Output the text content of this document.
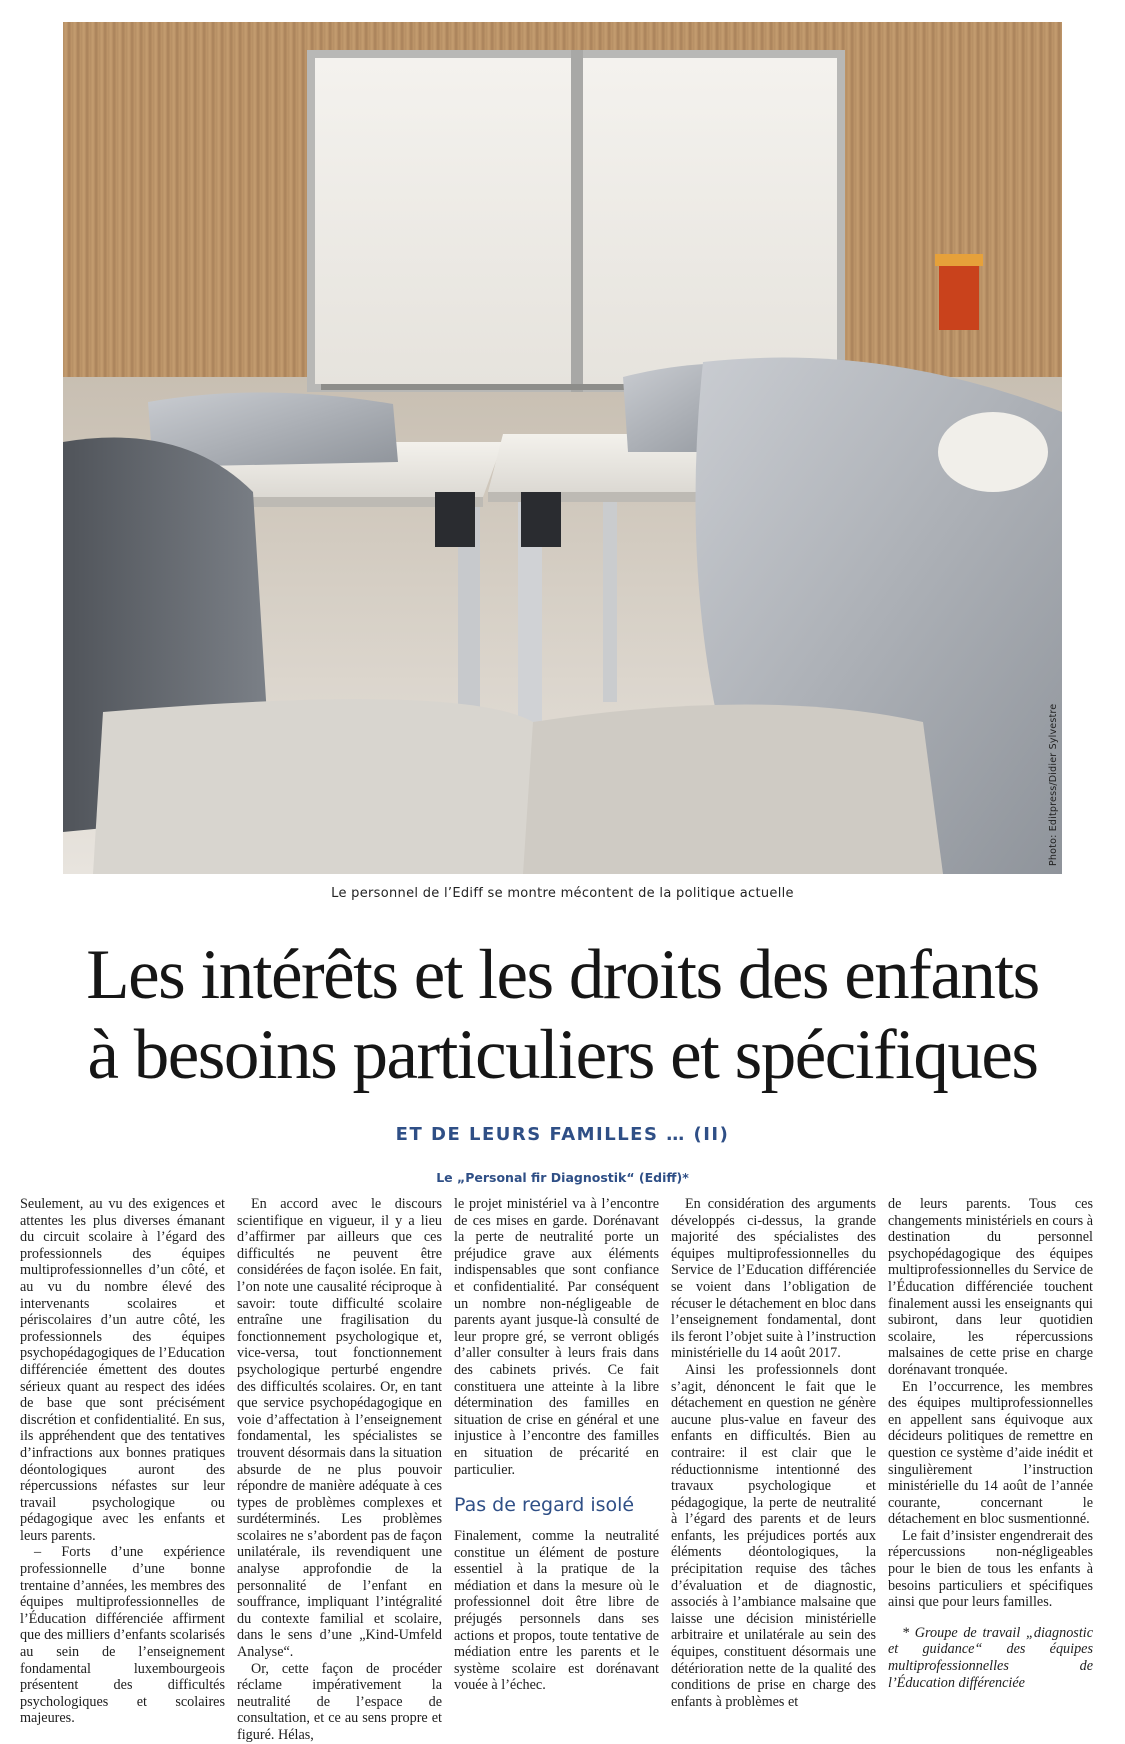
Photo: Editpress/Didier Sylvestre
Le personnel de l’Ediff se montre mécontent de la politique actuelle
Les intérêts et les droits des enfants
à besoins particuliers et spécifiques
ET DE LEURS FAMILLES … (II)
Le „Personal fir Diagnostik“ (Ediff)*

Seulement, au vu des exigences et attentes les plus diverses émanant du circuit scolaire à l’égard des professionnels des équipes multiprofessionnelles d’un côté, et au vu du nombre élevé des intervenants scolaires et périscolaires d’un autre côté, les professionnels des équipes psychopédagogiques de l’Education différenciée émettent des doutes sérieux quant au respect des idées de base que sont précisément discrétion et confidentialité. En sus, ils appréhendent que des tentatives d’infractions aux bonnes pratiques déontologiques auront des répercussions néfastes sur leur travail psychologique ou pédagogique avec les enfants et leurs parents.

– Forts d’une expérience professionnelle d’une bonne trentaine d’années, les membres des équipes multiprofessionnelles de l’Éducation différenciée affirment que des milliers d’enfants scolarisés au sein de l’enseignement fondamental luxembourgeois présentent des difficultés psychologiques et scolaires majeures.

En accord avec le discours scientifique en vigueur, il y a lieu d’affirmer par ailleurs que ces difficultés ne peuvent être considérées de façon isolée. En fait, l’on note une causalité réciproque à savoir: toute difficulté scolaire entraîne une fragilisation du fonctionnement psychologique et, vice-versa, tout fonctionnement psychologique perturbé engendre des difficultés scolaires. Or, en tant que service psychopédagogique en voie d’affectation à l’enseignement fondamental, les spécialistes se trouvent désormais dans la situation absurde de ne plus pouvoir répondre de manière adéquate à ces types de problèmes complexes et surdéterminés. Les problèmes scolaires ne s’abordent pas de façon unilatérale, ils revendiquent une analyse approfondie de la personnalité de l’enfant en souffrance, impliquant l’intégralité du contexte familial et scolaire, dans le sens d’une „Kind-Umfeld Analyse“.

Or, cette façon de procéder réclame impérativement la neutralité de l’espace de consultation, et ce au sens propre et figuré. Hélas,

le projet ministériel va à l’encontre de ces mises en garde. Dorénavant la perte de neutralité porte un préjudice grave aux éléments indispensables que sont confiance et confidentialité. Par conséquent un nombre non-négligeable de parents ayant jusque-là consulté de leur propre gré, se verront obligés d’aller consulter à leurs frais dans des cabinets privés. Ce fait constituera une atteinte à la libre détermination des familles en situation de crise en général et une injustice à l’encontre des familles en situation de précarité en particulier.

Pas de regard isolé

Finalement, comme la neutralité constitue un élément de posture essentiel à la pratique de la médiation et dans la mesure où le professionnel doit être libre de préjugés personnels dans ses actions et propos, toute tentative de médiation entre les parents et le système scolaire est dorénavant vouée à l’échec.

En considération des arguments développés ci-dessus, la grande majorité des spécialistes des équipes multiprofessionnelles du Service de l’Education différenciée se voient dans l’obligation de récuser le détachement en bloc dans l’enseignement fondamental, dont ils feront l’objet suite à l’instruction ministérielle du 14 août 2017.

Ainsi les professionnels dont s’agit, dénoncent le fait que le détachement en question ne génère aucune plus-value en faveur des enfants en difficultés. Bien au contraire: il est clair que le réductionnisme intentionné des travaux psychologique et pédagogique, la perte de neutralité à l’égard des parents et de leurs enfants, les préjudices portés aux éléments déontologiques, la précipitation requise des tâches d’évaluation et de diagnostic, associés à l’ambiance malsaine que laisse une décision ministérielle arbitraire et unilatérale au sein des équipes, constituent désormais une détérioration nette de la qualité des conditions de prise en charge des enfants à problèmes et

de leurs parents. Tous ces changements ministériels en cours à destination du personnel psychopédagogique des équipes multiprofessionnelles du Service de l’Éducation différenciée touchent finalement aussi les enseignants qui subiront, dans leur quotidien scolaire, les répercussions malsaines de cette prise en charge dorénavant tronquée.

En l’occurrence, les membres des équipes multiprofessionnelles en appellent sans équivoque aux décideurs politiques de remettre en question ce système d’aide inédit et singulièrement l’instruction ministérielle du 14 août de l’année courante, concernant le détachement en bloc susmentionné.

Le fait d’insister engendrerait des répercussions non-négligeables pour le bien de tous les enfants à besoins particuliers et spécifiques ainsi que pour leurs familles.

* Groupe de travail „diagnostic et guidance“ des équipes multiprofessionnelles de l’Éducation différenciée
